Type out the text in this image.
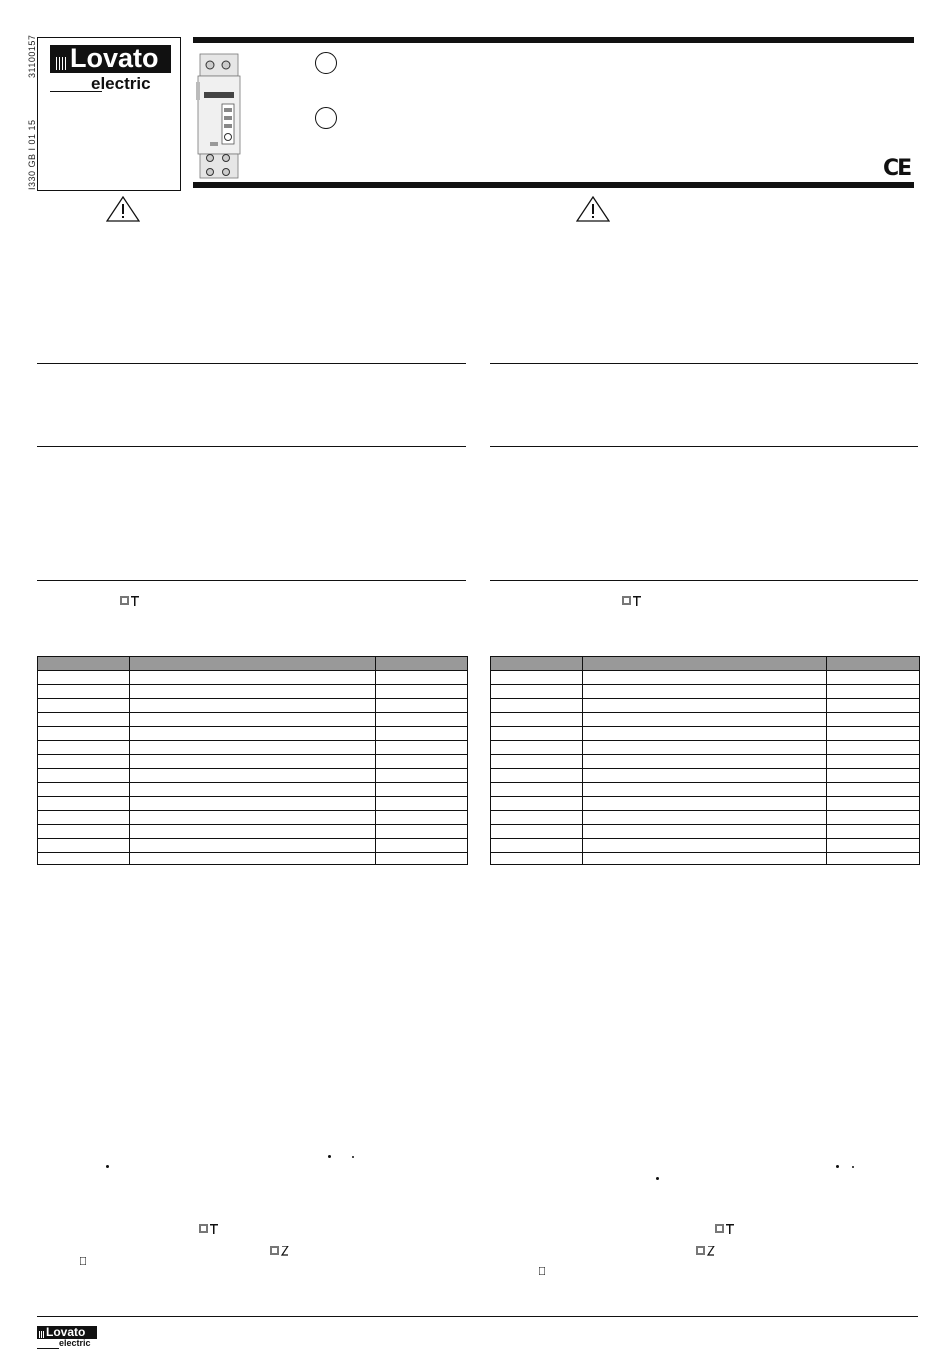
31100157
I330 GB I 01 15
Lovato
electric
CE
Lovato
electric
